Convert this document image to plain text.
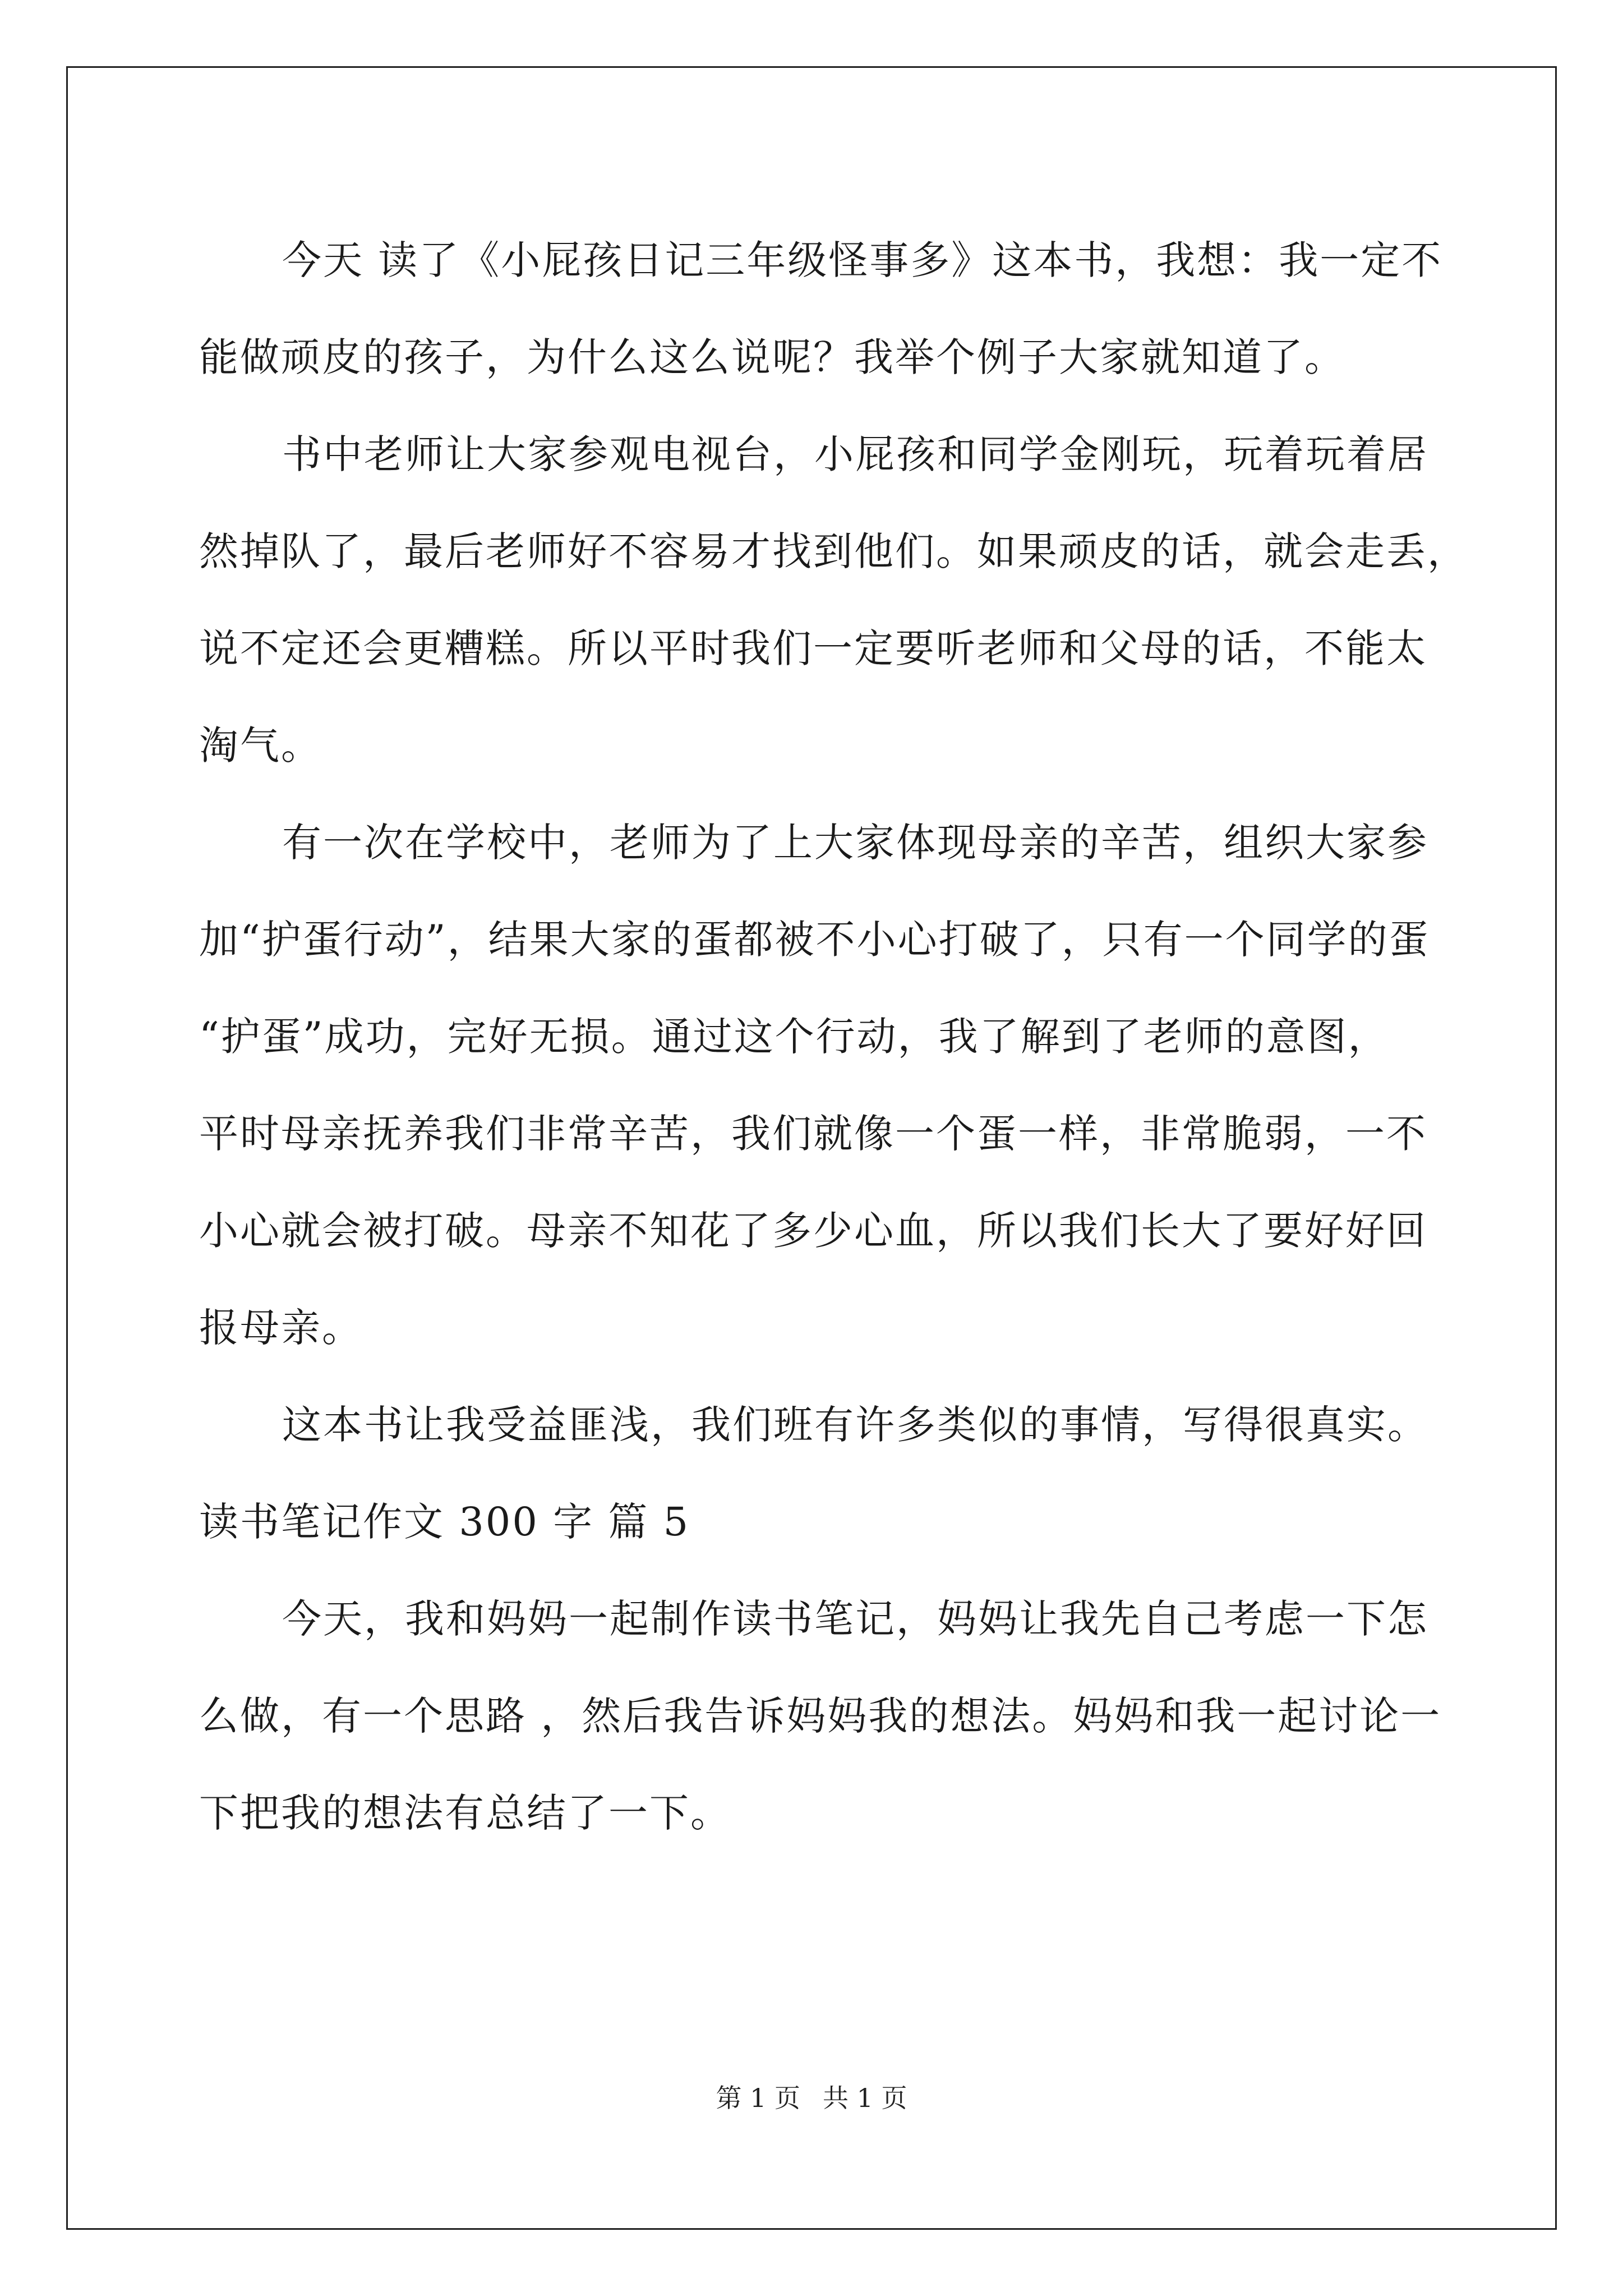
今天 读了《小屁孩日记三年级怪事多》这本书，我想：我一定不
能做顽皮的孩子，为什么这么说呢？我举个例子大家就知道了。
书中老师让大家参观电视台，小屁孩和同学金刚玩，玩着玩着居
然掉队了，最后老师好不容易才找到他们。如果顽皮的话，就会走丢，
说不定还会更糟糕。所以平时我们一定要听老师和父母的话，不能太
淘气。
有一次在学校中，老师为了上大家体现母亲的辛苦，组织大家参
加“护蛋行动”，结果大家的蛋都被不小心打破了，只有一个同学的蛋
“护蛋”成功，完好无损。通过这个行动，我了解到了老师的意图，
平时母亲抚养我们非常辛苦，我们就像一个蛋一样，非常脆弱，一不
小心就会被打破。母亲不知花了多少心血，所以我们长大了要好好回
报母亲。
这本书让我受益匪浅，我们班有许多类似的事情，写得很真实。
读书笔记作文 300 字 篇 5
今天，我和妈妈一起制作读书笔记，妈妈让我先自己考虑一下怎
么做，有一个思路 ，然后我告诉妈妈我的想法。妈妈和我一起讨论一
下把我的想法有总结了一下。
第 1 页 共 1 页
